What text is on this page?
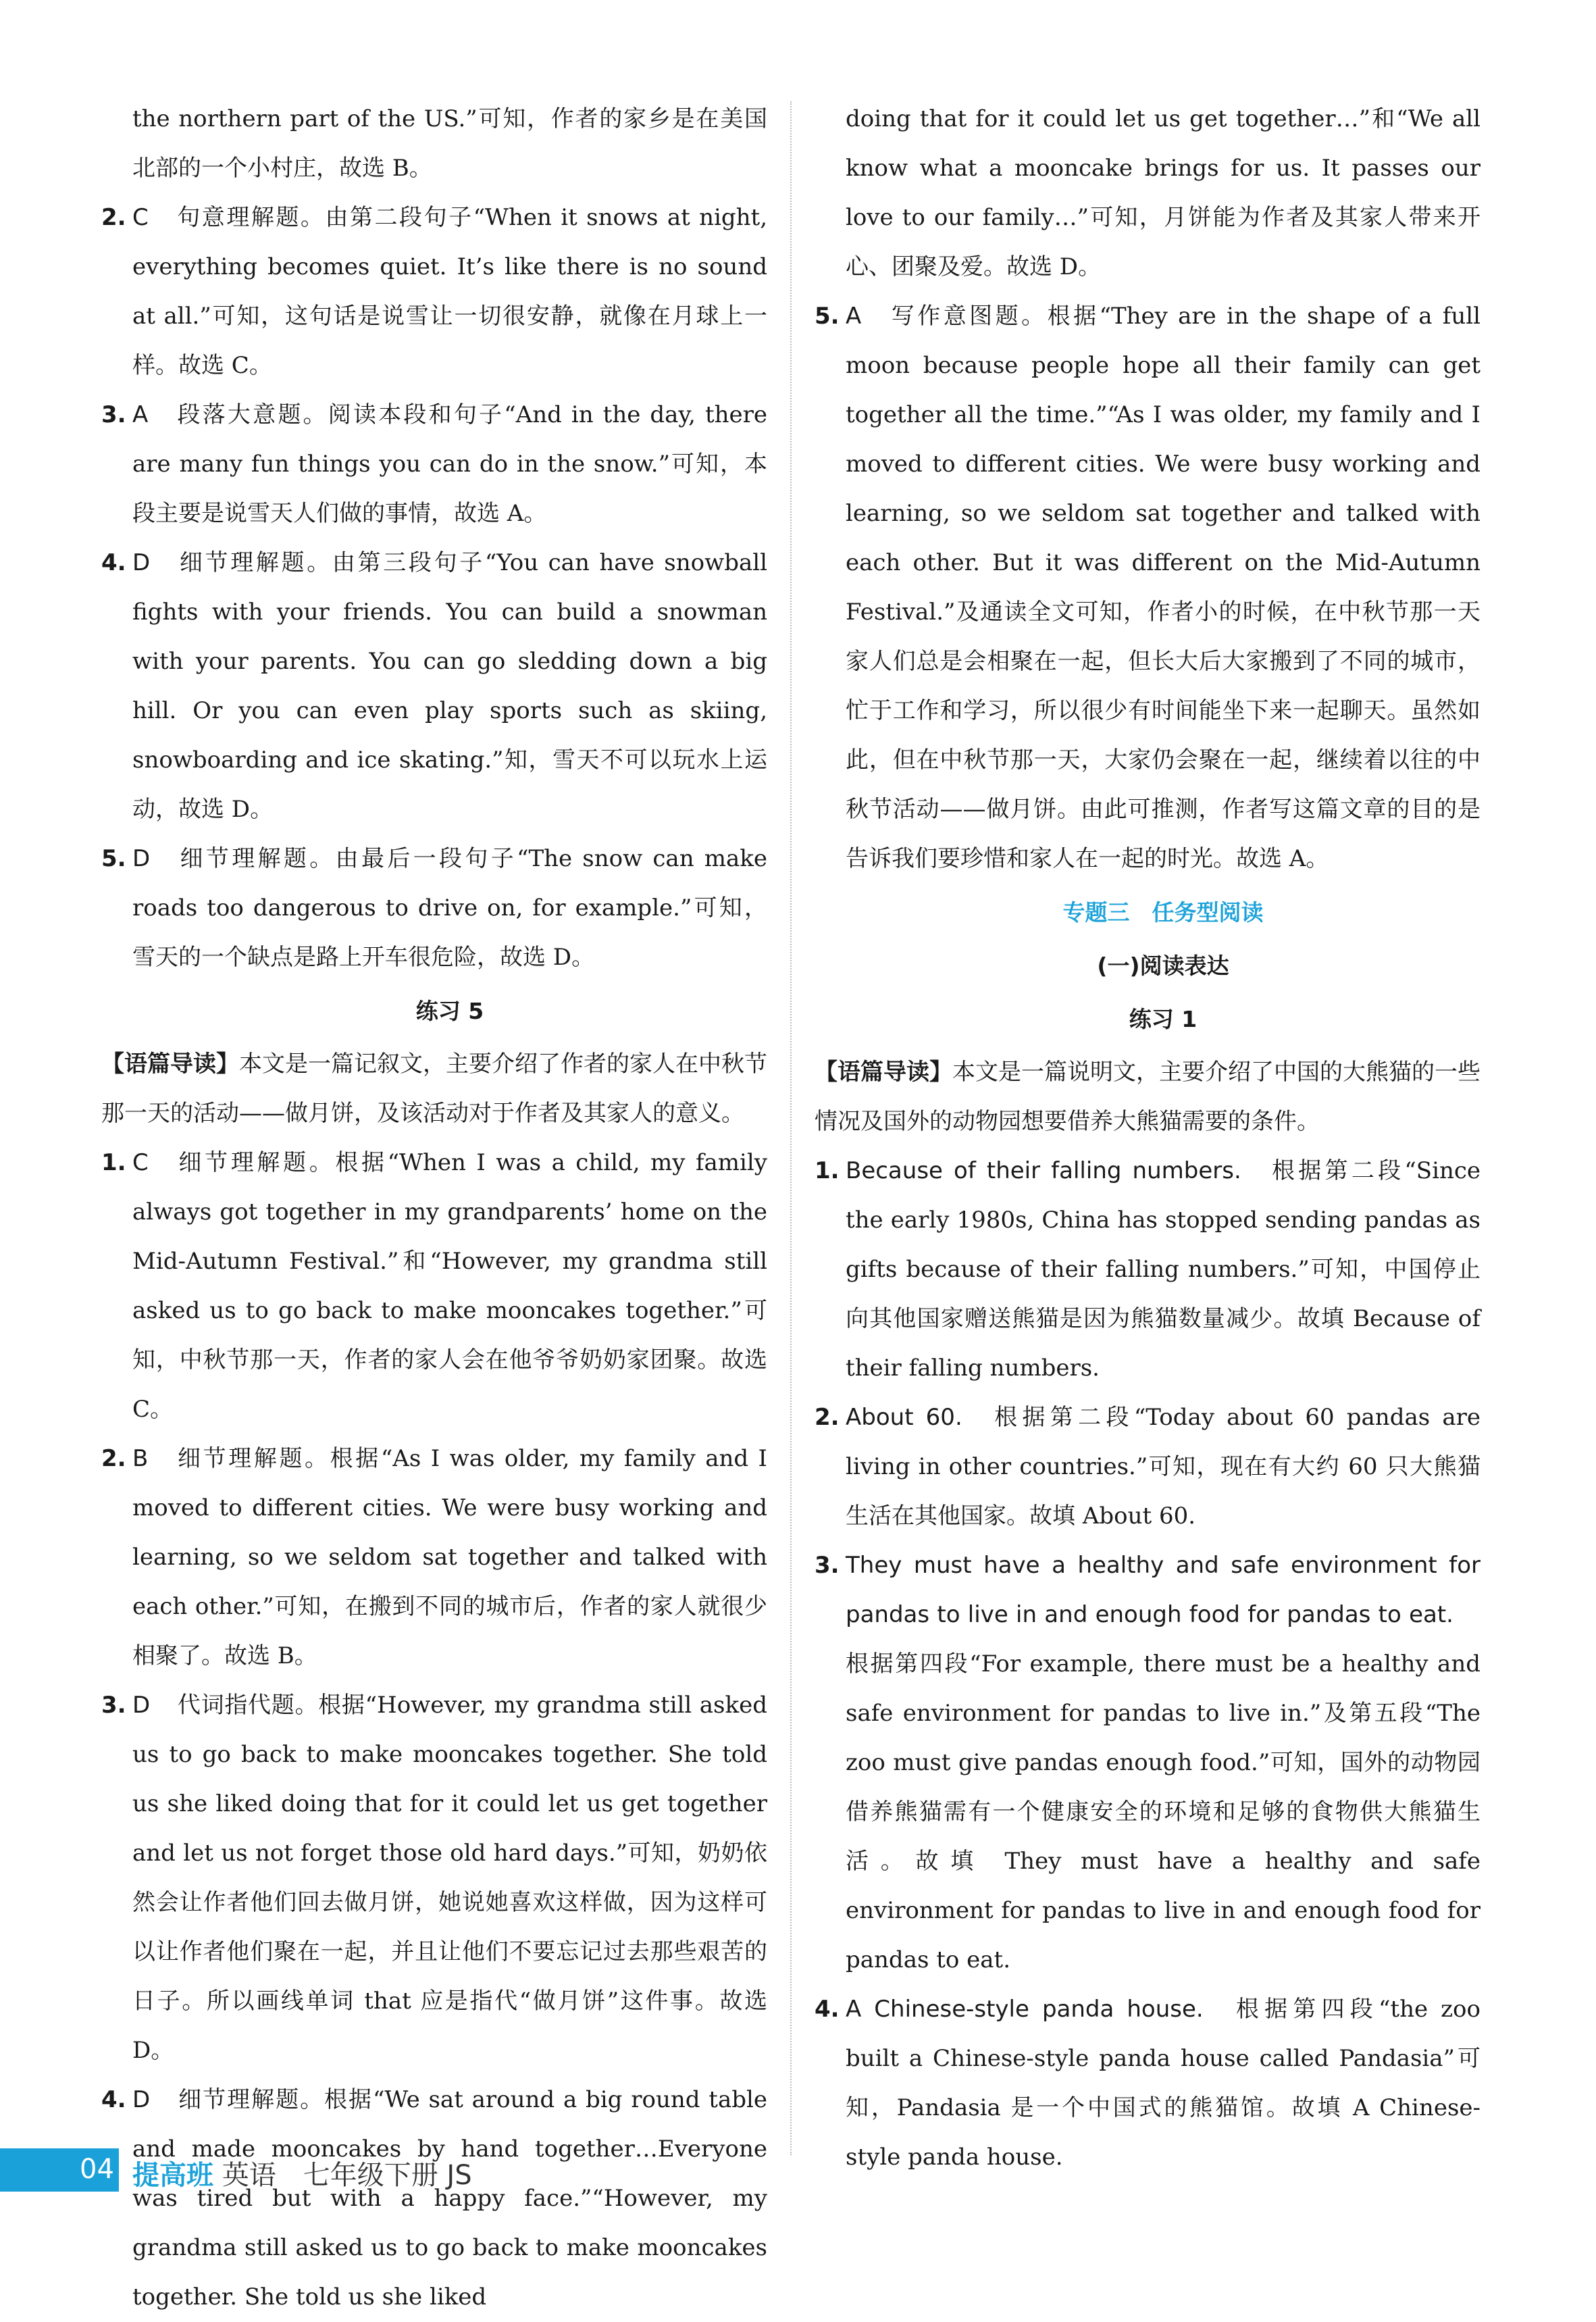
the northern part of the US.”可知，作者的家乡是在美国北部的一个小村庄，故选 B。

2. C 句意理解题。由第二段句子“When it snows at night, everything becomes quiet. It’s like there is no sound at all.”可知，这句话是说雪让一切很安静，就像在月球上一样。故选 C。

3. A 段落大意题。阅读本段和句子“And in the day, there are many fun things you can do in the snow.”可知，本段主要是说雪天人们做的事情，故选 A。

4. D 细节理解题。由第三段句子“You can have snowball fights with your friends. You can build a snowman with your parents. You can go sledding down a big hill. Or you can even play sports such as skiing, snowboarding and ice skating.”知，雪天不可以玩水上运动，故选 D。

5. D 细节理解题。由最后一段句子“The snow can make roads too dangerous to drive on, for example.”可知，雪天的一个缺点是路上开车很危险，故选 D。

练习 5

【语篇导读】本文是一篇记叙文，主要介绍了作者的家人在中秋节那一天的活动——做月饼，及该活动对于作者及其家人的意义。

1. C 细节理解题。根据“When I was a child, my family always got together in my grandparents’ home on the Mid-Autumn Festival.”和“However, my grandma still asked us to go back to make mooncakes together.”可知，中秋节那一天，作者的家人会在他爷爷奶奶家团聚。故选 C。

2. B 细节理解题。根据“As I was older, my family and I moved to different cities. We were busy working and learning, so we seldom sat together and talked with each other.”可知，在搬到不同的城市后，作者的家人就很少相聚了。故选 B。

3. D 代词指代题。根据“However, my grandma still asked us to go back to make mooncakes together. She told us she liked doing that for it could let us get together and let us not forget those old hard days.”可知，奶奶依然会让作者他们回去做月饼，她说她喜欢这样做，因为这样可以让作者他们聚在一起，并且让他们不要忘记过去那些艰苦的日子。所以画线单词 that 应是指代“做月饼”这件事。故选 D。

4. D 细节理解题。根据“We sat around a big round table and made mooncakes by hand together…Everyone was tired but with a happy face.”“However, my grandma still asked us to go back to make mooncakes together. She told us she liked

doing that for it could let us get together…”和“We all know what a mooncake brings for us. It passes our love to our family…”可知，月饼能为作者及其家人带来开心、团聚及爱。故选 D。

5. A 写作意图题。根据“They are in the shape of a full moon because people hope all their family can get together all the time.”“As I was older, my family and I moved to different cities. We were busy working and learning, so we seldom sat together and talked with each other. But it was different on the Mid-Autumn Festival.”及通读全文可知，作者小的时候，在中秋节那一天家人们总是会相聚在一起，但长大后大家搬到了不同的城市，忙于工作和学习，所以很少有时间能坐下来一起聊天。虽然如此，但在中秋节那一天，大家仍会聚在一起，继续着以往的中秋节活动——做月饼。由此可推测，作者写这篇文章的目的是告诉我们要珍惜和家人在一起的时光。故选 A。

专题三　任务型阅读
(一)阅读表达
练习 1

【语篇导读】本文是一篇说明文，主要介绍了中国的大熊猫的一些情况及国外的动物园想要借养大熊猫需要的条件。

1. Because of their falling numbers. 根据第二段“Since the early 1980s, China has stopped sending pandas as gifts because of their falling numbers.”可知，中国停止向其他国家赠送熊猫是因为熊猫数量减少。故填 Because of their falling numbers.

2. About 60. 根据第二段“Today about 60 pandas are living in other countries.”可知，现在有大约 60 只大熊猫生活在其他国家。故填 About 60.

3. They must have a healthy and safe environment for pandas to live in and enough food for pandas to eat.根据第四段“For example, there must be a healthy and safe environment for pandas to live in.”及第五段“The zoo must give pandas enough food.”可知，国外的动物园借养熊猫需有一个健康安全的环境和足够的食物供大熊猫生活。故填 They must have a healthy and safe environment for pandas to live in and enough food for pandas to eat.

4. A Chinese-style panda house. 根据第四段“the zoo built a Chinese-style panda house called Pandasia”可知，Pandasia 是一个中国式的熊猫馆。故填 A Chinese-style panda house.

04 提高班 英语　七年级下册 JS
